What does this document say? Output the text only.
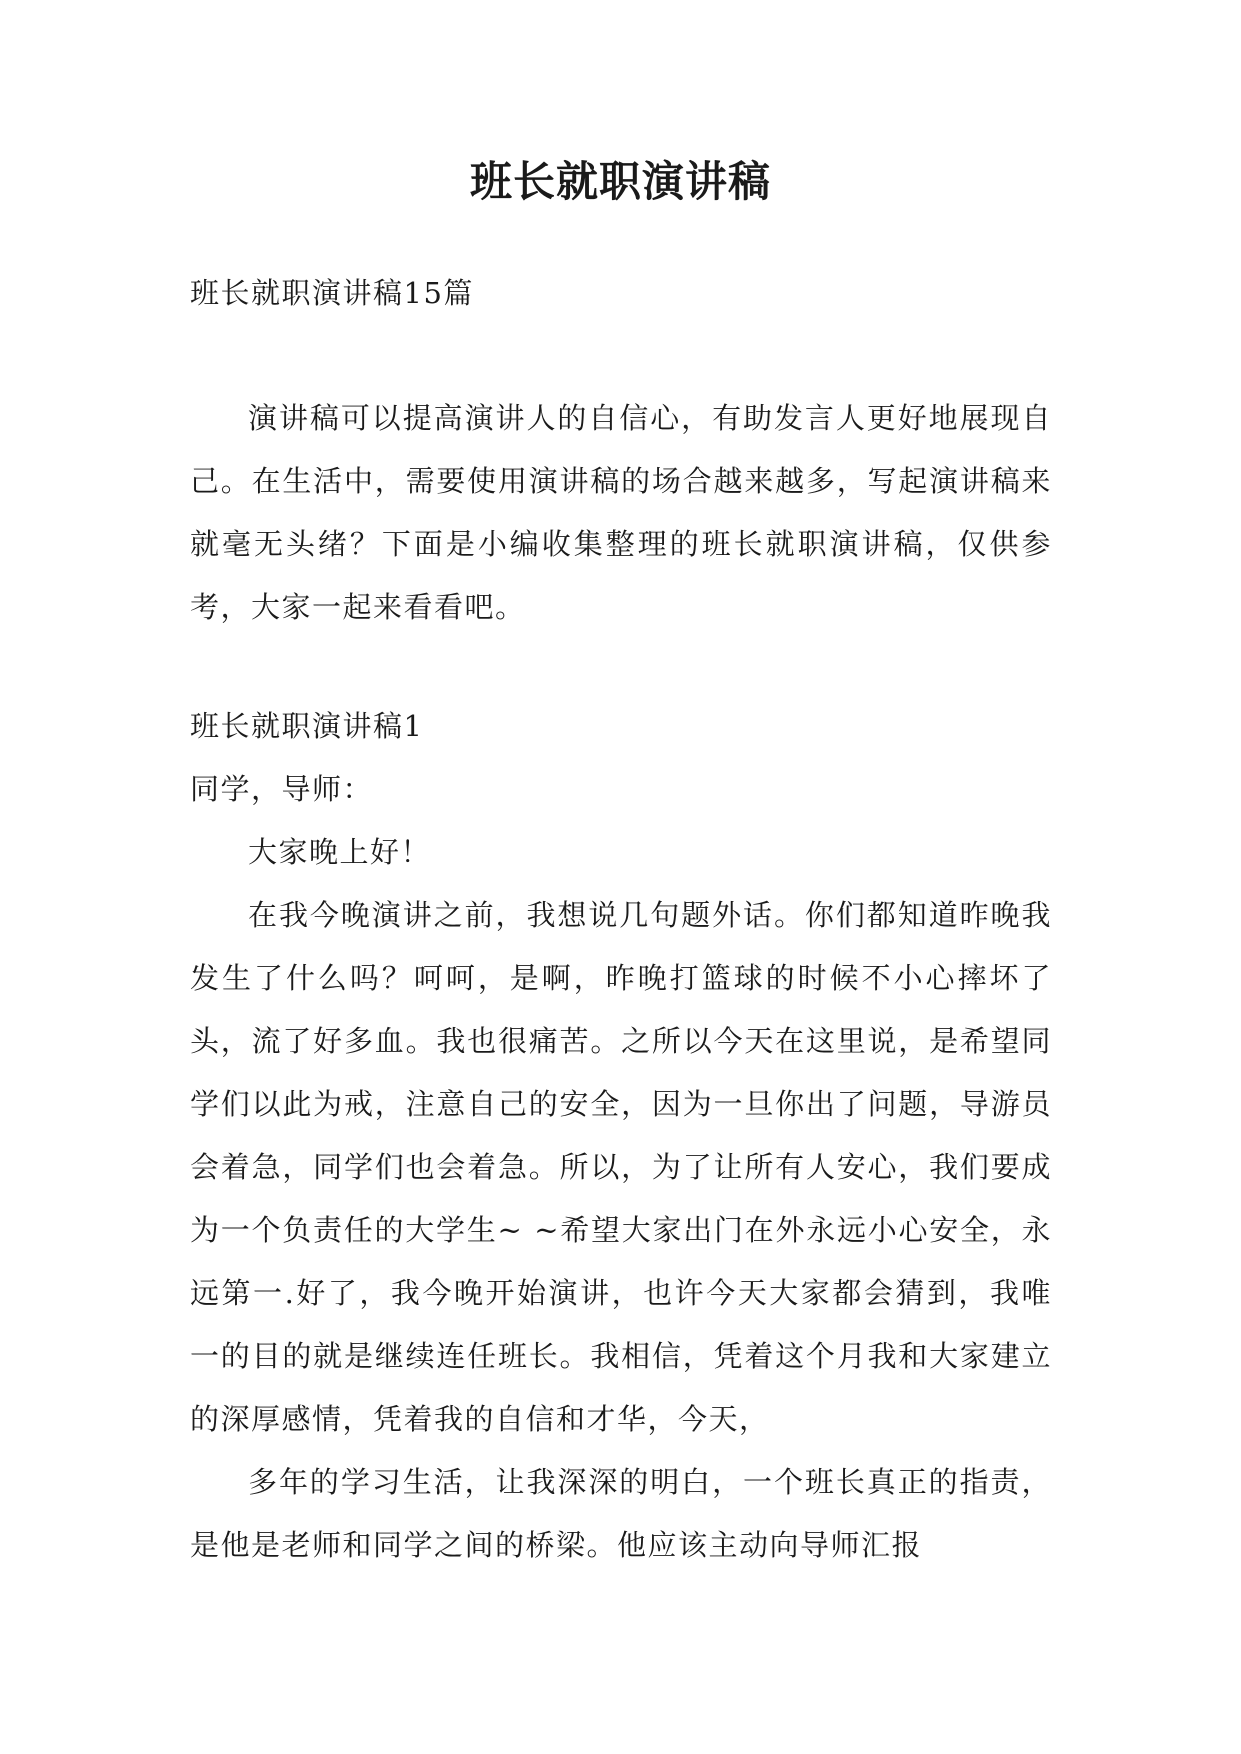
班长就职演讲稿

班长就职演讲稿15篇

演讲稿可以提高演讲人的自信心，有助发言人更好地展现自己。在生活中，需要使用演讲稿的场合越来越多，写起演讲稿来就毫无头绪？下面是小编收集整理的班长就职演讲稿，仅供参考，大家一起来看看吧。

班长就职演讲稿1

同学，导师：

大家晚上好！

在我今晚演讲之前，我想说几句题外话。你们都知道昨晚我发生了什么吗？呵呵，是啊，昨晚打篮球的时候不小心摔坏了头，流了好多血。我也很痛苦。之所以今天在这里说，是希望同学们以此为戒，注意自己的安全，因为一旦你出了问题，导游员会着急，同学们也会着急。所以，为了让所有人安心，我们要成为一个负责任的大学生~ ~希望大家出门在外永远小心安全，永远第一.好了，我今晚开始演讲，也许今天大家都会猜到，我唯一的目的就是继续连任班长。我相信，凭着这个月我和大家建立的深厚感情，凭着我的自信和才华，今天，

多年的学习生活，让我深深的明白，一个班长真正的指责，是他是老师和同学之间的桥梁。他应该主动向导师汇报
